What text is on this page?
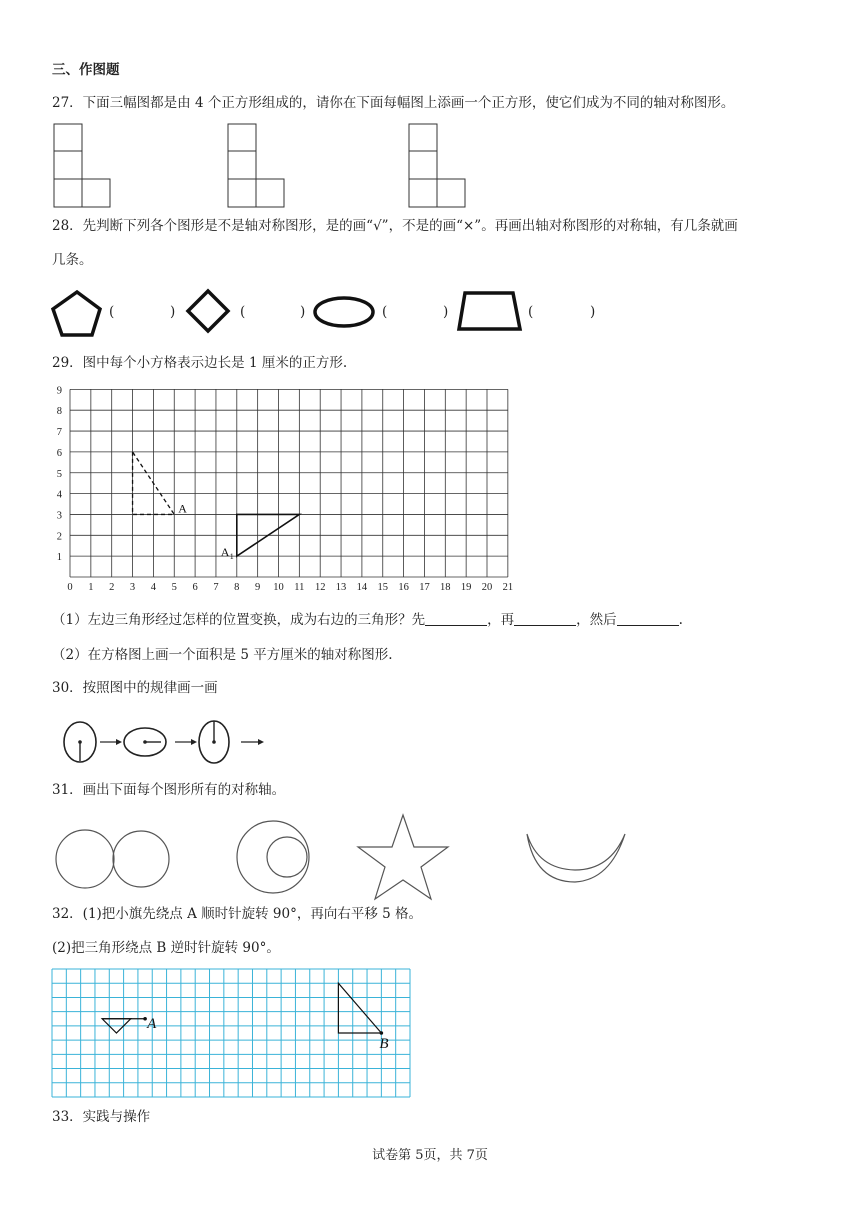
三、作图题
27．下面三幅图都是由 4 个正方形组成的，请你在下面每幅图上添画一个正方形，使它们成为不同的轴对称图形。
28．先判断下列各个图形是不是轴对称图形，是的画“√”，不是的画“×”。再画出轴对称图形的对称轴，有几条就画
几条。
(	)	(	)	(	)	(	)
29．图中每个小方格表示边长是 1 厘米的正方形.
0 1 2 3 4 5 6 7 8 9 10 11 12 13 14 15 16 17 18 19 20 21
1
2
3
4
5
6
7
8
9
A
A 1
（1）左边三角形经过怎样的位置变换，成为右边的三角形？先	，再	，然后	.
（2）在方格图上画一个面积是 5 平方厘米的轴对称图形.
30．按照图中的规律画一画
31．画出下面每个图形所有的对称轴。
32．(1)把小旗先绕点 A 顺时针旋转 90°，再向右平移 5 格。
(2)把三角形绕点 B 逆时针旋转 90°。
A
B
33．实践与操作
试卷第 5页，共 7页
